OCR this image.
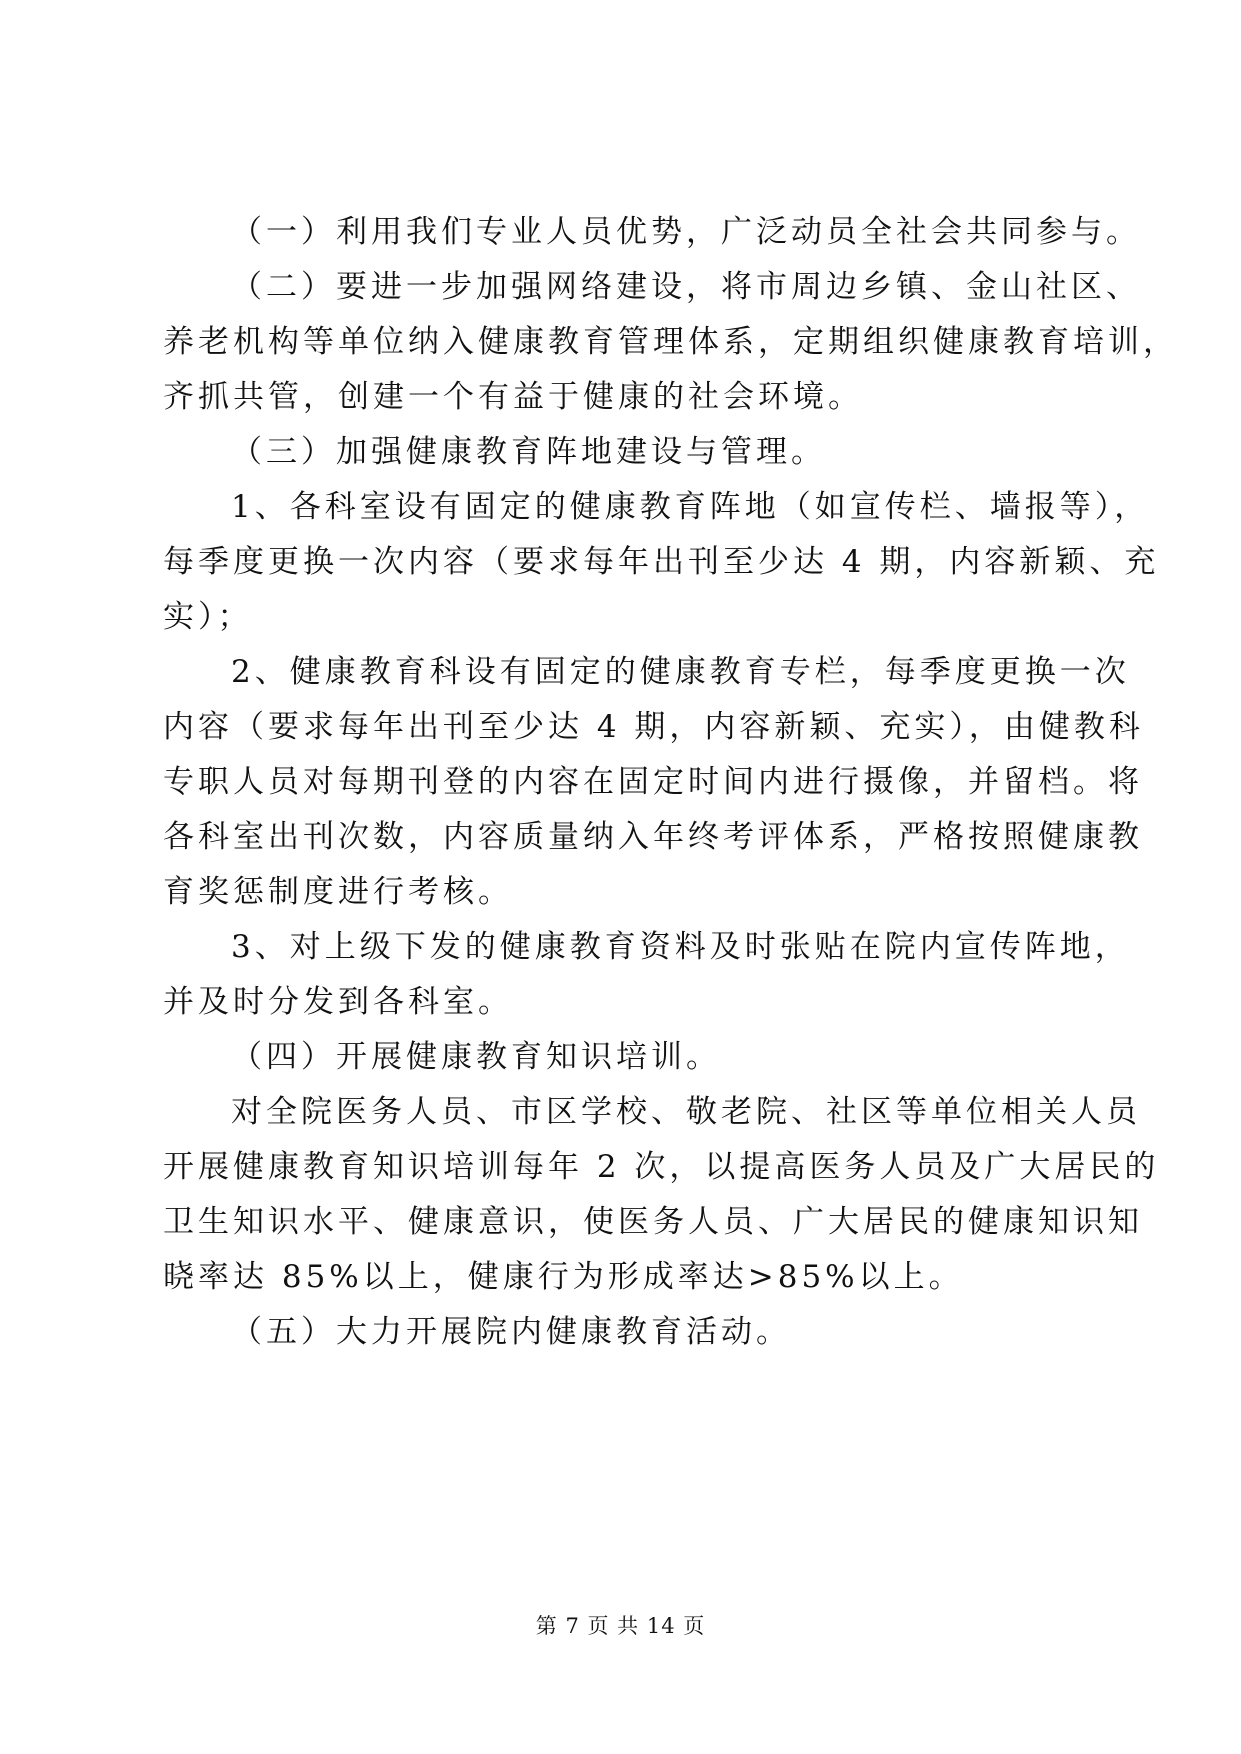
（一）利用我们专业人员优势，广泛动员全社会共同参与。
（二）要进一步加强网络建设，将市周边乡镇、金山社区、
养老机构等单位纳入健康教育管理体系，定期组织健康教育培训，
齐抓共管，创建一个有益于健康的社会环境。
（三）加强健康教育阵地建设与管理。
1、各科室设有固定的健康教育阵地（如宣传栏、墙报等），
每季度更换一次内容（要求每年出刊至少达 4 期，内容新颖、充
实）；
2、健康教育科设有固定的健康教育专栏，每季度更换一次
内容（要求每年出刊至少达 4 期，内容新颖、充实），由健教科
专职人员对每期刊登的内容在固定时间内进行摄像，并留档。将
各科室出刊次数，内容质量纳入年终考评体系，严格按照健康教
育奖惩制度进行考核。
3、对上级下发的健康教育资料及时张贴在院内宣传阵地，
并及时分发到各科室。
（四）开展健康教育知识培训。
对全院医务人员、市区学校、敬老院、社区等单位相关人员
开展健康教育知识培训每年 2 次，以提高医务人员及广大居民的
卫生知识水平、健康意识，使医务人员、广大居民的健康知识知
晓率达 85%以上，健康行为形成率达>85%以上。
（五）大力开展院内健康教育活动。
第 7 页 共 14 页
